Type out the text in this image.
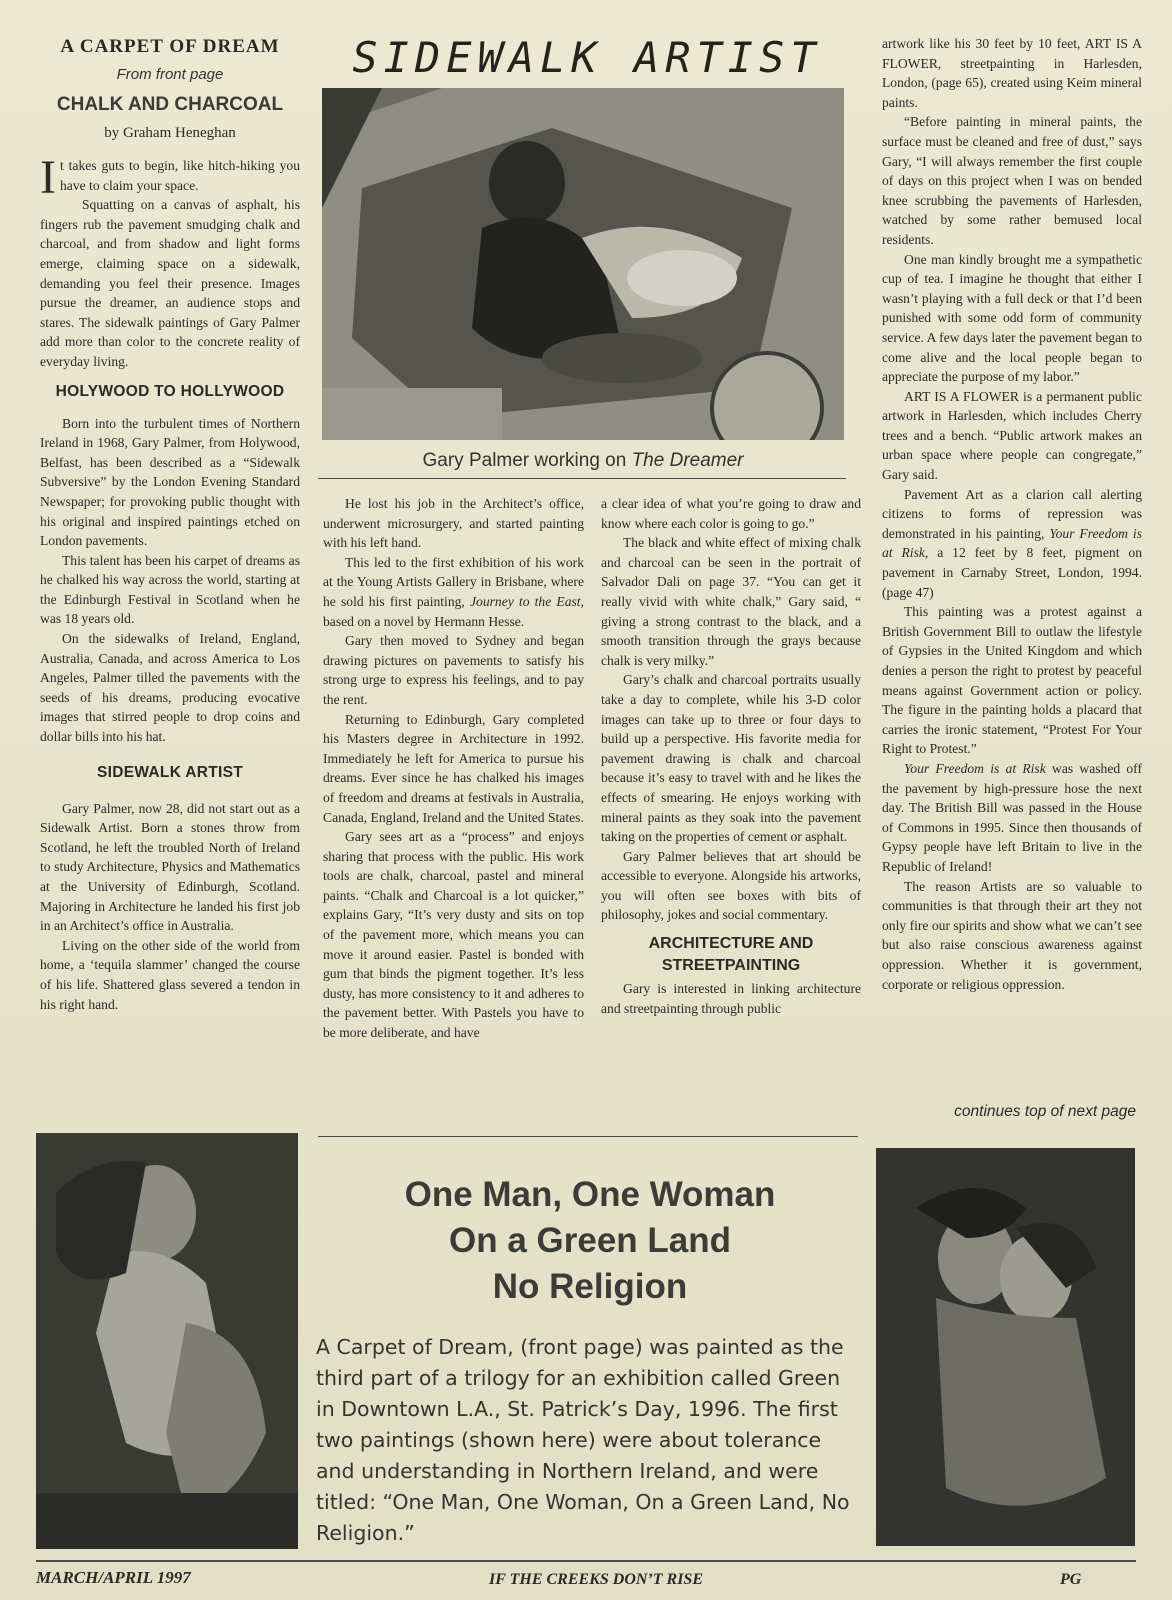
A CARPET OF DREAM
From front page
CHALK AND CHARCOAL
by Graham Heneghan
I t takes guts to begin, like hitch-hiking you have to claim your space.

Squatting on a canvas of asphalt, his fingers rub the pavement smudging chalk and charcoal, and from shadow and light forms emerge, claiming space on a sidewalk, demanding you feel their presence. Images pursue the dreamer, an audience stops and stares. The sidewalk paintings of Gary Palmer add more than color to the concrete reality of everyday living.

HOLYWOOD TO HOLLYWOOD

Born into the turbulent times of Northern Ireland in 1968, Gary Palmer, from Holywood, Belfast, has been described as a “Sidewalk Subversive” by the London Evening Standard Newspaper; for provoking public thought with his original and inspired paintings etched on London pavements.

This talent has been his carpet of dreams as he chalked his way across the world, starting at the Edinburgh Festival in Scotland when he was 18 years old.

On the sidewalks of Ireland, England, Australia, Canada, and across America to Los Angeles, Palmer tilled the pavements with the seeds of his dreams, producing evocative images that stirred people to drop coins and dollar bills into his hat.

SIDEWALK ARTIST

Gary Palmer, now 28, did not start out as a Sidewalk Artist. Born a stones throw from Scotland, he left the troubled North of Ireland to study Architecture, Physics and Mathematics at the University of Edinburgh, Scotland. Majoring in Architecture he landed his first job in an Architect’s office in Australia.

Living on the other side of the world from home, a ‘tequila slammer’ changed the course of his life. Shattered glass severed a tendon in his right hand.

SIDEWALK ARTIST
Gary Palmer working on The Dreamer

He lost his job in the Architect’s office, underwent microsurgery, and started painting with his left hand.

This led to the first exhibition of his work at the Young Artists Gallery in Brisbane, where he sold his first painting, Journey to the East, based on a novel by Hermann Hesse.

Gary then moved to Sydney and began drawing pictures on pavements to satisfy his strong urge to express his feelings, and to pay the rent.

Returning to Edinburgh, Gary completed his Masters degree in Architecture in 1992. Immediately he left for America to pursue his dreams. Ever since he has chalked his images of freedom and dreams at festivals in Australia, Canada, England, Ireland and the United States.

Gary sees art as a “process” and enjoys sharing that process with the public. His work tools are chalk, charcoal, pastel and mineral paints. “Chalk and Charcoal is a lot quicker,” explains Gary, “It’s very dusty and sits on top of the pavement more, which means you can move it around easier. Pastel is bonded with gum that binds the pigment together. It’s less dusty, has more consistency to it and adheres to the pavement better. With Pastels you have to be more deliberate, and have

a clear idea of what you’re going to draw and know where each color is going to go.”

The black and white effect of mixing chalk and charcoal can be seen in the portrait of Salvador Dali on page 37. “You can get it really vivid with white chalk,” Gary said, “ giving a strong contrast to the black, and a smooth transition through the grays because chalk is very milky.”

Gary’s chalk and charcoal portraits usually take a day to complete, while his 3-D color images can take up to three or four days to build up a perspective. His favorite media for pavement drawing is chalk and charcoal because it’s easy to travel with and he likes the effects of smearing. He enjoys working with mineral paints as they soak into the pavement taking on the properties of cement or asphalt.

Gary Palmer believes that art should be accessible to everyone. Alongside his artworks, you will often see boxes with bits of philosophy, jokes and social commentary.

ARCHITECTURE AND STREETPAINTING

Gary is interested in linking architecture and streetpainting through public

artwork like his 30 feet by 10 feet, ART IS A FLOWER, streetpainting in Harlesden, London, (page 65), created using Keim mineral paints.

“Before painting in mineral paints, the surface must be cleaned and free of dust,” says Gary, “I will always remember the first couple of days on this project when I was on bended knee scrubbing the pavements of Harlesden, watched by some rather bemused local residents.

One man kindly brought me a sympathetic cup of tea. I imagine he thought that either I wasn’t playing with a full deck or that I’d been punished with some odd form of community service. A few days later the pavement began to come alive and the local people began to appreciate the purpose of my labor.”

ART IS A FLOWER is a permanent public artwork in Harlesden, which includes Cherry trees and a bench. “Public artwork makes an urban space where people can congregate,” Gary said.

Pavement Art as a clarion call alerting citizens to forms of repression was demonstrated in his painting, Your Freedom is at Risk, a 12 feet by 8 feet, pigment on pavement in Carnaby Street, London, 1994.(page 47)

This painting was a protest against a British Government Bill to outlaw the lifestyle of Gypsies in the United Kingdom and which denies a person the right to protest by peaceful means against Government action or policy. The figure in the painting holds a placard that carries the ironic statement, “Protest For Your Right to Protest.”

Your Freedom is at Risk was washed off the pavement by high-pressure hose the next day. The British Bill was passed in the House of Commons in 1995. Since then thousands of Gypsy people have left Britain to live in the Republic of Ireland!

The reason Artists are so valuable to communities is that through their art they not only fire our spirits and show what we can’t see but also raise conscious awareness against oppression. Whether it is government, corporate or religious oppression.

continues top of next page
One Man, One Woman
On a Green Land
No Religion
A Carpet of Dream, (front page) was painted as the third part of a trilogy for an exhibition called Green in Downtown L.A., St. Patrick’s Day, 1996. The first two paintings (shown here) were about tolerance and understanding in Northern Ireland, and were titled: “One Man, One Woman, On a Green Land, No Religion.”
MARCH/APRIL 1997	IF THE CREEKS DON’T RISE	PG
